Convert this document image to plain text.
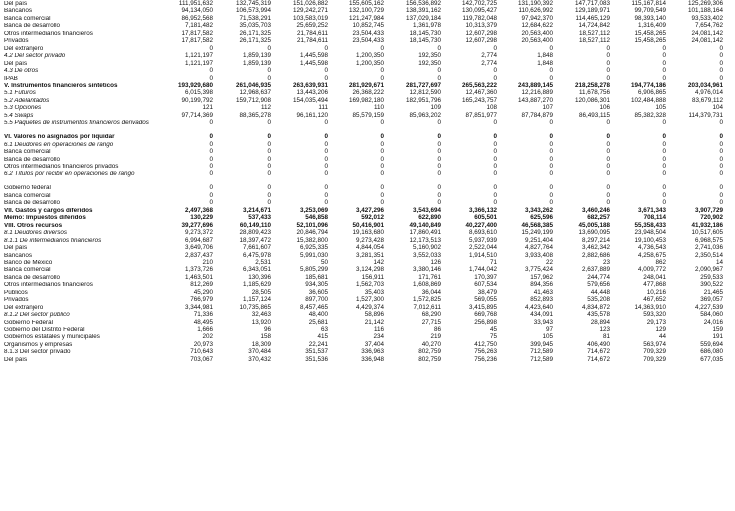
Del país	111,951,632	132,745,319	151,026,882	155,605,162	156,536,892	142,702,725	131,190,392	147,717,083	115,167,814	125,269,306
Bancarios	94,134,050	106,573,994	129,242,271	132,100,729	138,391,162	130,095,427	110,626,992	129,189,971	99,709,549	101,188,164
Banca comercial	86,952,568	71,538,291	103,583,019	121,247,984	137,029,184	119,782,048	97,942,370	114,465,129	98,393,140	93,533,402
Banca de desarrollo	7,181,482	35,035,703	25,659,252	10,852,745	1,361,978	10,313,379	12,684,622	14,724,842	1,316,409	7,654,762
Otros intermediarios financieros	17,817,582	26,171,325	21,784,611	23,504,433	18,145,730	12,607,298	20,563,400	18,527,112	15,458,265	24,081,142
Privados	17,817,582	26,171,325	21,784,611	23,504,433	18,145,730	12,607,298	20,563,400	18,527,112	15,458,265	24,081,142
Del extranjero	0	0	0	0	0	0	0	0	0	0
4.2 Del sector privado	1,121,197	1,859,139	1,445,598	1,200,350	192,350	2,774	1,848	0	0	0
Del país	1,121,197	1,859,139	1,445,598	1,200,350	192,350	2,774	1,848	0	0	0
4.3 De otros	0	0	0	0	0	0	0	0	0	0
IPAB	0	0	0	0	0	0	0	0	0	0
V. Instrumentos financieros sintéticos	193,929,680	261,046,935	263,639,931	281,929,671	281,727,697	265,563,222	243,889,145	218,258,278	194,774,186	203,034,961
5.1 Futuros	6,015,398	12,968,637	13,443,206	26,368,222	12,812,590	12,467,360	12,216,889	11,678,756	6,906,865	4,976,014
5.2 Adelantados	90,199,792	159,712,908	154,035,494	169,982,180	182,951,796	165,243,757	143,887,270	120,086,301	102,484,888	83,679,112
5.3 Opciones	121	112	111	110	109	108	107	106	105	104
5.4 Swaps	97,714,369	88,365,278	96,161,120	85,579,159	85,963,202	87,851,977	87,784,879	86,493,115	85,382,328	114,379,731
5.5 Paquetes de instrumentos financieros derivados	0	0	0	0	0	0	0	0	0	0
VI. Valores no asignados por liquidar	0	0	0	0	0	0	0	0	0	0
6.1 Deudores en operaciones de rango	0	0	0	0	0	0	0	0	0	0
Banca comercial	0	0	0	0	0	0	0	0	0	0
Banca de desarrollo	0	0	0	0	0	0	0	0	0	0
Otros intermediarios financieros privados	0	0	0	0	0	0	0	0	0	0
6.2 Títulos por recibir en operaciones de rango	0	0	0	0	0	0	0	0	0	0
Gobierno federal	0	0	0	0	0	0	0	0	0	0
Banca comercial	0	0	0	0	0	0	0	0	0	0
Banca de desarrollo	0	0	0	0	0	0	0	0	0	0
VII. Gastos y cargos diferidos	2,497,368	3,214,671	3,253,069	3,427,296	3,543,694	3,366,132	3,343,262	3,460,246	3,671,343	3,907,729
Memo: Impuestos diferidos	130,229	537,433	546,858	592,012	622,890	605,501	625,596	682,257	708,114	720,902
VIII. Otros recursos	39,277,696	60,149,110	52,101,096	50,416,901	49,140,849	40,227,400	46,568,385	45,005,188	55,358,433	41,932,186
8.1 Deudores diversos	9,273,372	28,809,423	20,846,794	19,163,680	17,860,491	8,693,610	15,249,199	13,690,095	23,948,504	10,517,605
8.1.1 De intermediarios financieros	6,994,687	18,397,472	15,382,800	9,273,428	12,173,513	5,937,939	9,251,404	8,297,214	19,100,453	6,968,575
Del país	3,649,706	7,661,607	6,925,335	4,844,054	5,160,902	2,522,044	4,827,764	3,462,342	4,736,543	2,741,036
Bancarios	2,837,437	6,475,978	5,991,030	3,281,351	3,552,033	1,914,510	3,933,408	2,882,686	4,258,675	2,350,514
Banco de México	210	2,531	50	142	126	71	22	23	862	14
Banca comercial	1,373,726	6,343,051	5,805,299	3,124,298	3,380,146	1,744,042	3,775,424	2,637,889	4,009,772	2,090,967
Banca de desarrollo	1,463,501	130,396	185,681	156,911	171,761	170,397	157,962	244,774	248,041	259,533
Otros intermediarios financieros	812,269	1,185,629	934,305	1,562,703	1,608,869	607,534	894,356	579,656	477,868	390,522
Públicos	45,290	28,505	36,605	35,403	36,044	38,479	41,463	44,448	10,216	21,465
Privados	766,979	1,157,124	897,700	1,527,300	1,572,825	569,055	852,893	535,208	467,652	369,057
Del extranjero	3,344,981	10,735,865	8,457,465	4,429,374	7,012,611	3,415,895	4,423,640	4,834,872	14,363,910	4,227,539
8.1.2 Del sector público	71,336	32,463	48,400	58,896	68,290	669,768	434,091	435,578	593,320	584,060
Gobierno Federal	48,495	13,920	25,681	21,142	27,715	256,898	33,943	28,894	29,173	24,016
Gobierno del Distrito Federal	1,666	96	63	116	86	45	97	123	129	159
Gobiernos estatales y municipales	202	158	415	234	219	75	105	81	44	191
Organismos y empresas	20,973	18,309	22,241	37,404	40,270	412,750	399,945	406,490	563,974	559,694
8.1.3 Del sector privado	710,643	370,484	351,537	336,963	802,759	756,263	712,589	714,672	709,329	686,080
Del país	703,067	370,432	351,536	336,948	802,759	756,236	712,589	714,672	709,329	677,035
